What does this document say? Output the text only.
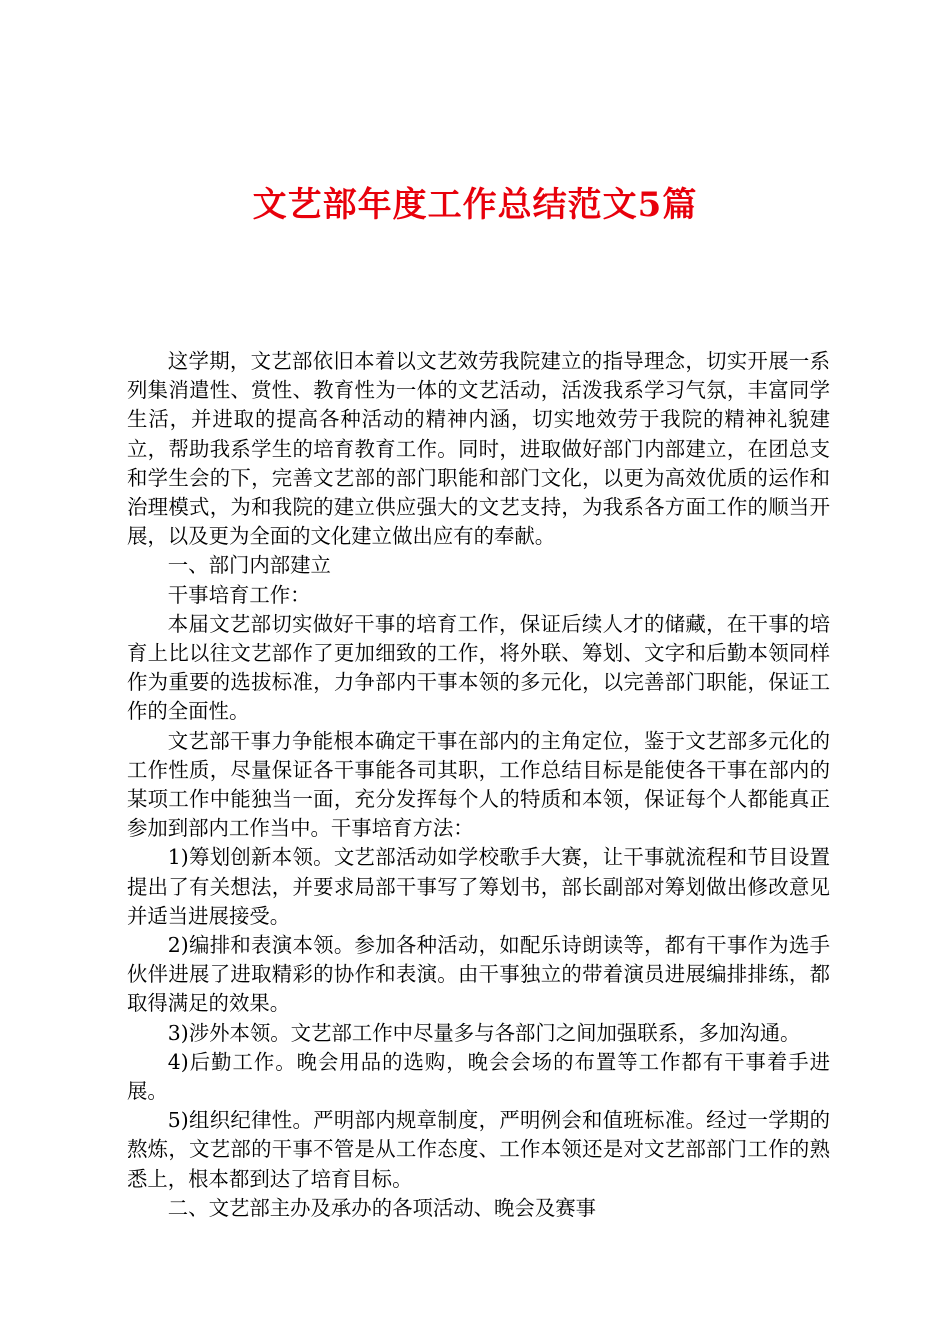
文艺部年度工作总结范文5篇

这学期，文艺部依旧本着以文艺效劳我院建立的指导理念，切实开展一系列集消遣性、赏性、教育性为一体的文艺活动，活泼我系学习气氛，丰富同学生活，并进取的提高各种活动的精神内涵，切实地效劳于我院的精神礼貌建立，帮助我系学生的培育教育工作。同时，进取做好部门内部建立，在团总支和学生会的下，完善文艺部的部门职能和部门文化，以更为高效优质的运作和治理模式，为和我院的建立供应强大的文艺支持，为我系各方面工作的顺当开展，以及更为全面的文化建立做出应有的奉献。

一、部门内部建立

干事培育工作：

本届文艺部切实做好干事的培育工作，保证后续人才的储藏，在干事的培育上比以往文艺部作了更加细致的工作，将外联、筹划、文字和后勤本领同样作为重要的选拔标准，力争部内干事本领的多元化，以完善部门职能，保证工作的全面性。

文艺部干事力争能根本确定干事在部内的主角定位，鉴于文艺部多元化的工作性质，尽量保证各干事能各司其职，工作总结目标是能使各干事在部内的某项工作中能独当一面，充分发挥每个人的特质和本领，保证每个人都能真正参加到部内工作当中。干事培育方法：

1)筹划创新本领。文艺部活动如学校歌手大赛，让干事就流程和节目设置提出了有关想法，并要求局部干事写了筹划书，部长副部对筹划做出修改意见并适当进展接受。

2)编排和表演本领。参加各种活动，如配乐诗朗读等，都有干事作为选手伙伴进展了进取精彩的协作和表演。由干事独立的带着演员进展编排排练，都取得满足的效果。

3)涉外本领。文艺部工作中尽量多与各部门之间加强联系，多加沟通。

4)后勤工作。晚会用品的选购，晚会会场的布置等工作都有干事着手进展。

5)组织纪律性。严明部内规章制度，严明例会和值班标准。经过一学期的熬炼，文艺部的干事不管是从工作态度、工作本领还是对文艺部部门工作的熟悉上，根本都到达了培育目标。

二、文艺部主办及承办的各项活动、晚会及赛事
